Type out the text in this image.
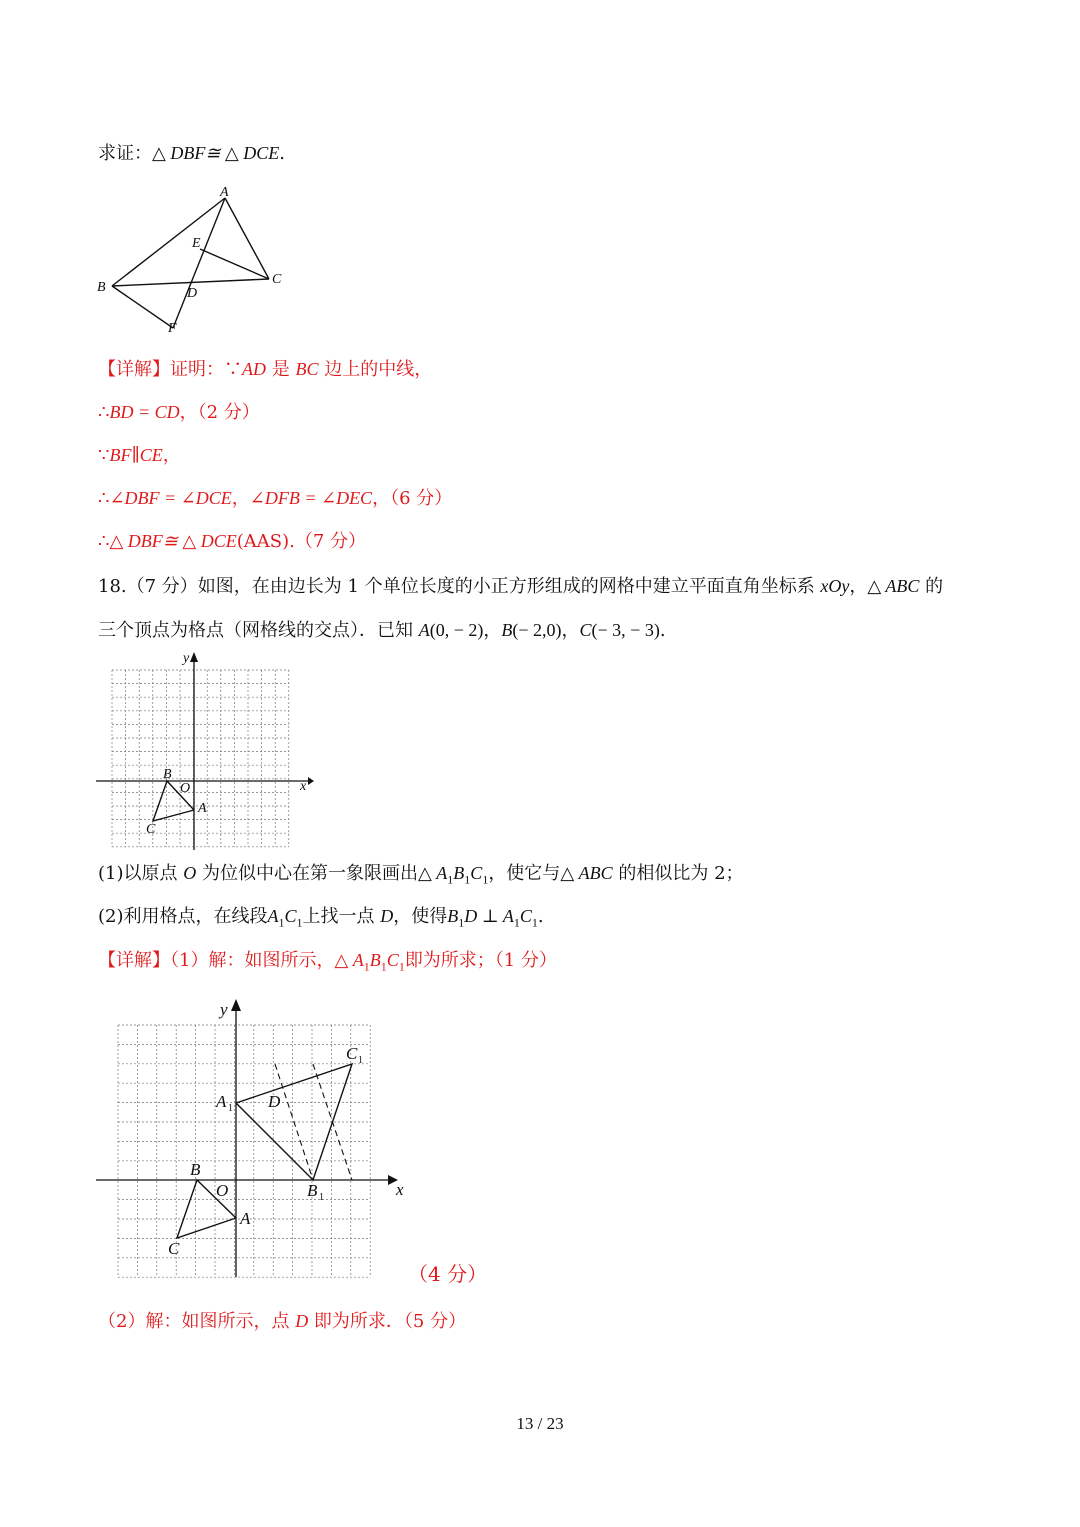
求证：△ DBF≅ △ DCE.
A
B
C
D
E
F
【详解】证明：∵AD 是 BC 边上的中线，
∴BD = CD，（2 分）
∵BF∥CE，
∴∠DBF = ∠DCE，∠DFB = ∠DEC，（6 分）
∴△ DBF≅ △ DCE(AAS).（7 分）
18.（7 分）如图，在由边长为 1 个单位长度的小正方形组成的网格中建立平面直角坐标系 xOy，△ ABC 的
三个顶点为格点（网格线的交点）．已知 A(0, − 2)，B(− 2,0)，C(− 3, − 3).
x
y
O
A
B
C
(1)以原点 O 为位似中心在第一象限画出△ $A_1B_1C_1$，使它与△ ABC 的相似比为 2；
(2)利用格点，在线段$A_1C_1$上找一点 D，使得$B_1D$ ⊥ $A_1C_1$.
【详解】（1）解：如图所示，△ $A_1B_1C_1$即为所求；（1 分）
x
y
O
A
B
C
A 1
B 1
C 1
D
（4 分）
（2）解：如图所示，点 D 即为所求．（5 分）
13 / 23
